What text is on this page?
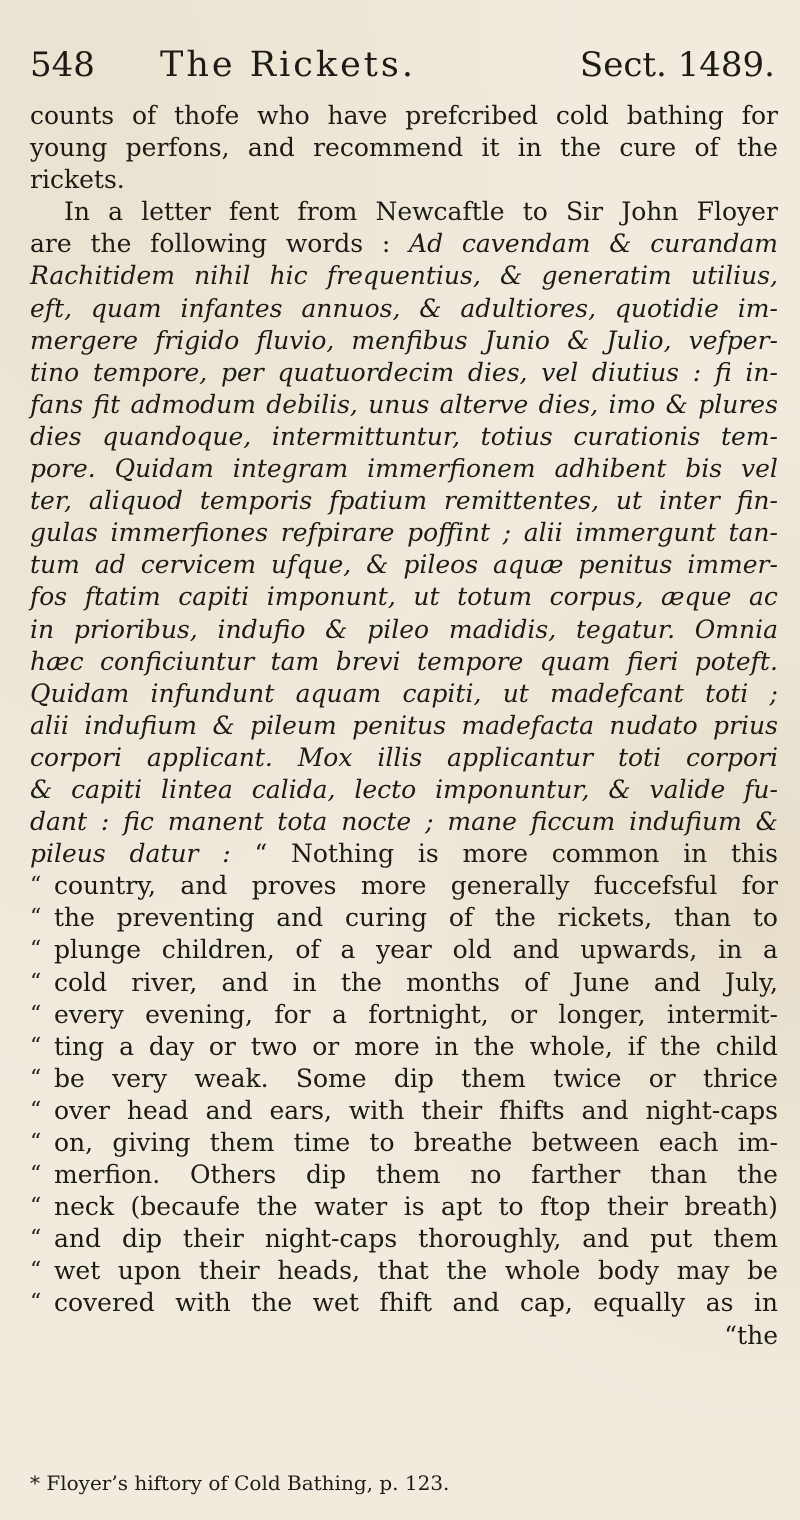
548 The Rickets.	Sect. 1489.
counts of thofe who have prefcribed cold bathing for
young perfons, and recommend it in the cure of the
rickets.
In a letter fent from Newcaftle to Sir John Floyer
are the following words : Ad cavendam & curandam
Rachitidem nihil hic frequentius, & generatim utilius,
eft, quam infantes annuos, & adultiores, quotidie im-
mergere frigido fluvio, menfibus Junio & Julio, vefper-
tino tempore, per quatuordecim dies, vel diutius : fi in-
fans fit admodum debilis, unus alterve dies, imo & plures
dies quandoque, intermittuntur, totius curationis tem-
pore. Quidam integram immerfionem adhibent bis vel
ter, aliquod temporis fpatium remittentes, ut inter fin-
gulas immerfiones refpirare poffint ; alii immergunt tan-
tum ad cervicem ufque, & pileos aquæ penitus immer-
fos ftatim capiti imponunt, ut totum corpus, æque ac
in prioribus, indufio & pileo madidis, tegatur. Omnia
hæc conficiuntur tam brevi tempore quam fieri poteft.
Quidam infundunt aquam capiti, ut madefcant toti ;
alii indufium & pileum penitus madefacta nudato prius
corpori applicant. Mox illis applicantur toti corpori
& capiti lintea calida, lecto imponuntur, & valide fu-
dant : fic manent tota nocte ; mane ficcum indufium &
pileus datur : “ Nothing is more common in this
“ country, and proves more generally fuccefsful for
“ the preventing and curing of the rickets, than to
“ plunge children, of a year old and upwards, in a
“ cold river, and in the months of June and July,
“ every evening, for a fortnight, or longer, intermit-
“ ting a day or two or more in the whole, if the child
“ be very weak. Some dip them twice or thrice
“ over head and ears, with their fhifts and night-caps
“ on, giving them time to breathe between each im-
“ merfion. Others dip them no farther than the
“ neck (becaufe the water is apt to ftop their breath)
“ and dip their night-caps thoroughly, and put them
“ wet upon their heads, that the whole body may be
“ covered with the wet fhift and cap, equally as in
“ the
* Floyer’s hiftory of Cold Bathing, p. 123.
